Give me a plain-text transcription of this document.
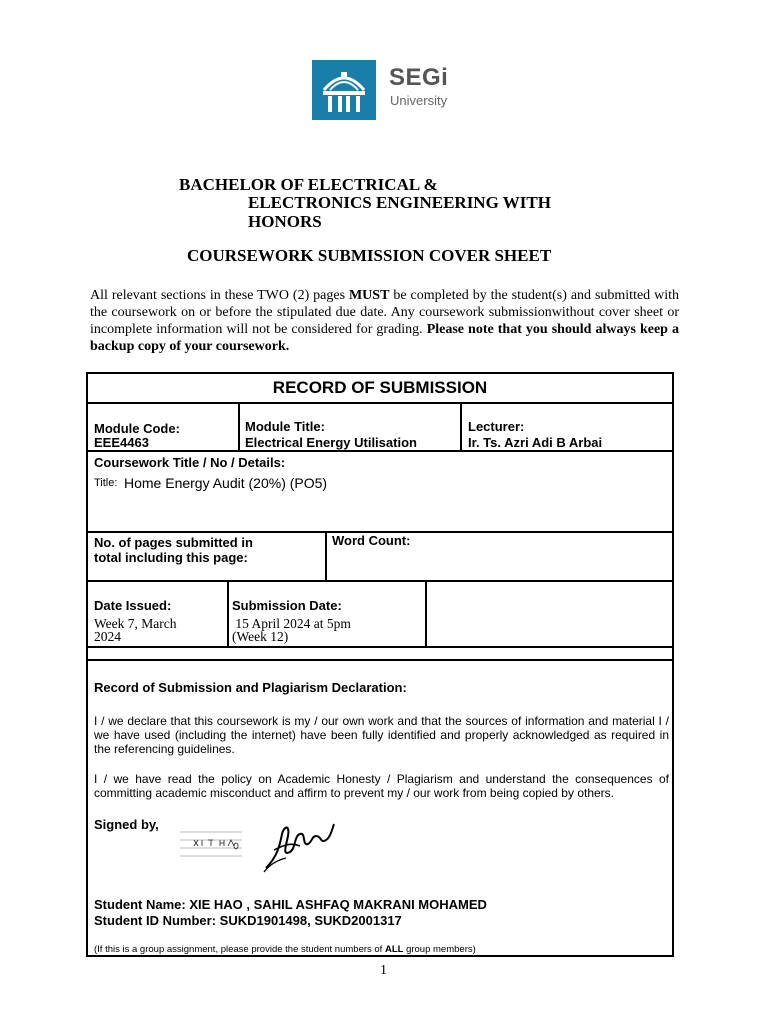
SEGi
University
BACHELOR OF ELECTRICAL &
ELECTRONICS ENGINEERING WITH
HONORS
COURSEWORK SUBMISSION COVER SHEET
All relevant sections in these TWO (2) pages MUST be completed by the student(s) and submitted with the coursework on or before the stipulated due date. Any coursework submissionwithout cover sheet or incomplete information will not be considered for grading. Please note that you should always keep a backup copy of your coursework.
RECORD OF SUBMISSION
Module Code:
EEE4463
Module Title:
Electrical Energy Utilisation
Lecturer:
Ir. Ts. Azri Adi B Arbai
Coursework Title / No / Details:
Title: Home Energy Audit (20%) (PO5)
No. of pages submitted in
total including this page:
Word Count:
Date Issued:
Week 7, March
2024
Submission Date:
15 April 2024 at 5pm
(Week 12)
Record of Submission and Plagiarism Declaration:
I / we declare that this coursework is my / our own work and that the sources of information and material I / we have used (including the internet) have been fully identified and properly acknowledged as required in the referencing guidelines.
I / we have read the policy on Academic Honesty / Plagiarism and understand the consequences of committing academic misconduct and affirm to prevent my / our work from being copied by others.
Signed by,
Student Name: XIE HAO , SAHIL ASHFAQ MAKRANI MOHAMED
Student ID Number: SUKD1901498, SUKD2001317
(If this is a group assignment, please provide the student numbers of ALL group members)
1
